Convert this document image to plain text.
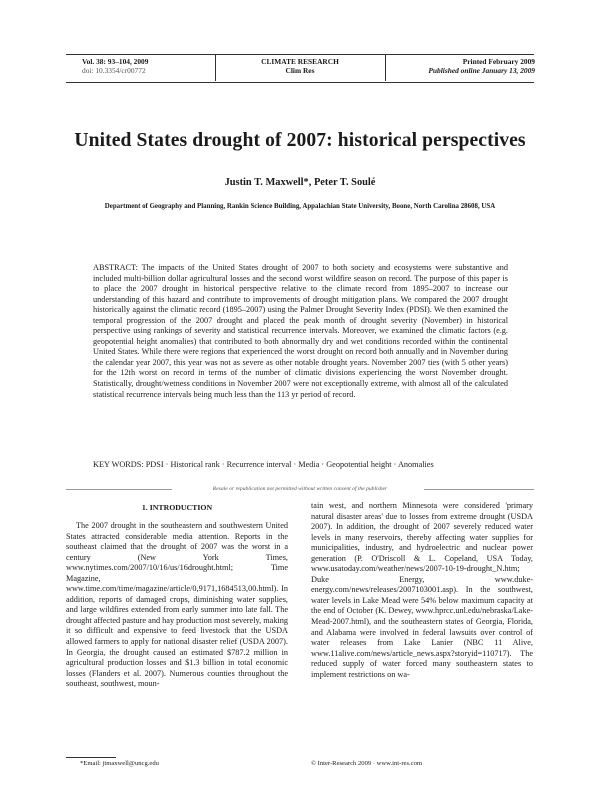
Vol. 38: 93–104, 2009
doi: 10.3354/cr00772
CLIMATE RESEARCH
Clim Res
Printed February 2009
Published online January 13, 2009
United States drought of 2007: historical perspectives
Justin T. Maxwell*, Peter T. Soulé
Department of Geography and Planning, Rankin Science Building, Appalachian State University, Boone, North Carolina 28608, USA

ABSTRACT: The impacts of the United States drought of 2007 to both society and ecosystems were substantive and included multi-billion dollar agricultural losses and the second worst wildfire season on record. The purpose of this paper is to place the 2007 drought in historical perspective relative to the climate record from 1895–2007 to increase our understanding of this hazard and contribute to improvements of drought mitigation plans. We compared the 2007 drought historically against the climatic record (1895–2007) using the Palmer Drought Severity Index (PDSI). We then examined the temporal progression of the 2007 drought and placed the peak month of drought severity (November) in historical perspective using rankings of severity and statistical recurrence intervals. Moreover, we examined the climatic factors (e.g. geopotential height anomalies) that contributed to both abnormally dry and wet conditions recorded within the continental United States. While there were regions that experienced the worst drought on record both annually and in November during the calendar year 2007, this year was not as severe as other notable drought years. November 2007 ties (with 5 other years) for the 12th worst on record in terms of the number of climatic divisions experiencing the worst November drought. Statistically, drought/wetness conditions in November 2007 were not exceptionally extreme, with almost all of the calculated statistical recurrence intervals being much less than the 113 yr period of record.

KEY WORDS: PDSI · Historical rank · Recurrence interval · Media · Geopotential height · Anomalies

Resale or republication not permitted without written consent of the publisher
1. INTRODUCTION

The 2007 drought in the southeastern and southwestern United States attracted considerable media attention. Reports in the southeast claimed that the drought of 2007 was the worst in a century (New York Times, www.nytimes.com/2007/10/16/us/16drought.html; Time Magazine, www.time.com/time/magazine/article/0,9171,1684513,00.html). In addition, reports of damaged crops, diminishing water supplies, and large wildfires extended from early summer into late fall. The drought affected pasture and hay production most severely, making it so difficult and expensive to feed livestock that the USDA allowed farmers to apply for national disaster relief (USDA 2007). In Georgia, the drought caused an estimated $787.2 million in agricultural production losses and $1.3 billion in total economic losses (Flanders et al. 2007). Numerous counties throughout the southeast, southwest, moun-

tain west, and northern Minnesota were considered 'primary natural disaster areas' due to losses from extreme drought (USDA 2007). In addition, the drought of 2007 severely reduced water levels in many reservoirs, thereby affecting water supplies for municipalities, industry, and hydroelectric and nuclear power generation (P. O'Driscoll & L. Copeland, USA Today, www.usatoday.com/weather/news/2007-10-19-drought_N.htm; Duke Energy, www.duke-energy.com/news/releases/2007103001.asp). In the southwest, water levels in Lake Mead were 54% below maximum capacity at the end of October (K. Dewey, www.hprcc.unl.edu/nebraska/Lake-Mead-2007.html), and the southeastern states of Georgia, Florida, and Alabama were involved in federal lawsuits over control of water releases from Lake Lanier (NBC 11 Alive, www.11alive.com/news/article_news.aspx?storyid=110717). The reduced supply of water forced many southeastern states to implement restrictions on wa-

*Email: jtmaxwell@uncg.edu	© Inter-Research 2009 · www.int-res.com
